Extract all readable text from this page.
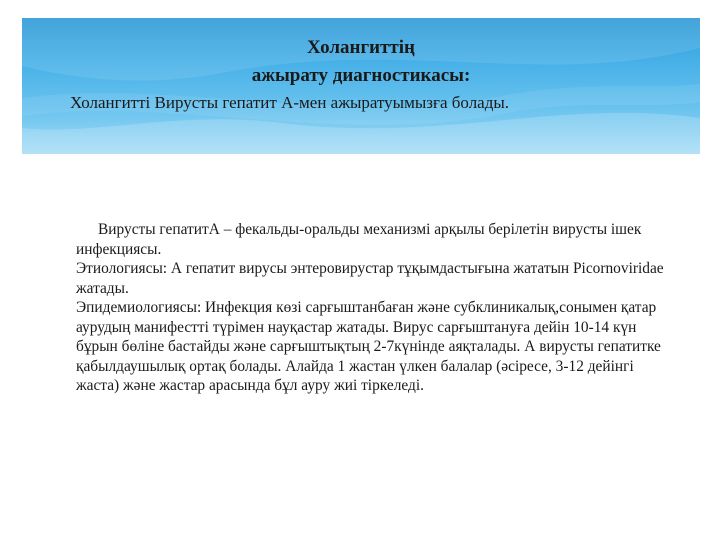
Холангиттің
ажырату диагностикасы:

Холангитті Вирусты гепатит А-мен ажыратуымызға болады.

Вирусты гепатитА – фекальды-оральды механизмі арқылы берілетін вирусты ішек инфекциясы.

Этиологиясы: А гепатит вирусы энтеровирустар тұқымдастығына жататын Picornoviridae жатады.

Эпидемиологиясы: Инфекция көзі сарғыштанбаған және субклиникалық,сонымен қатар аурудың манифестті түрімен науқастар жатады. Вирус сарғыштануға дейін 10-14 күн бұрын бөліне бастайды және сарғыштықтың 2-7күнінде аяқталады. А вирусты гепатитке қабылдаушылық ортақ болады. Алайда 1 жастан үлкен балалар (әсіресе, 3-12 дейінгі жаста) және жастар арасында бұл ауру жиі тіркеледі.
